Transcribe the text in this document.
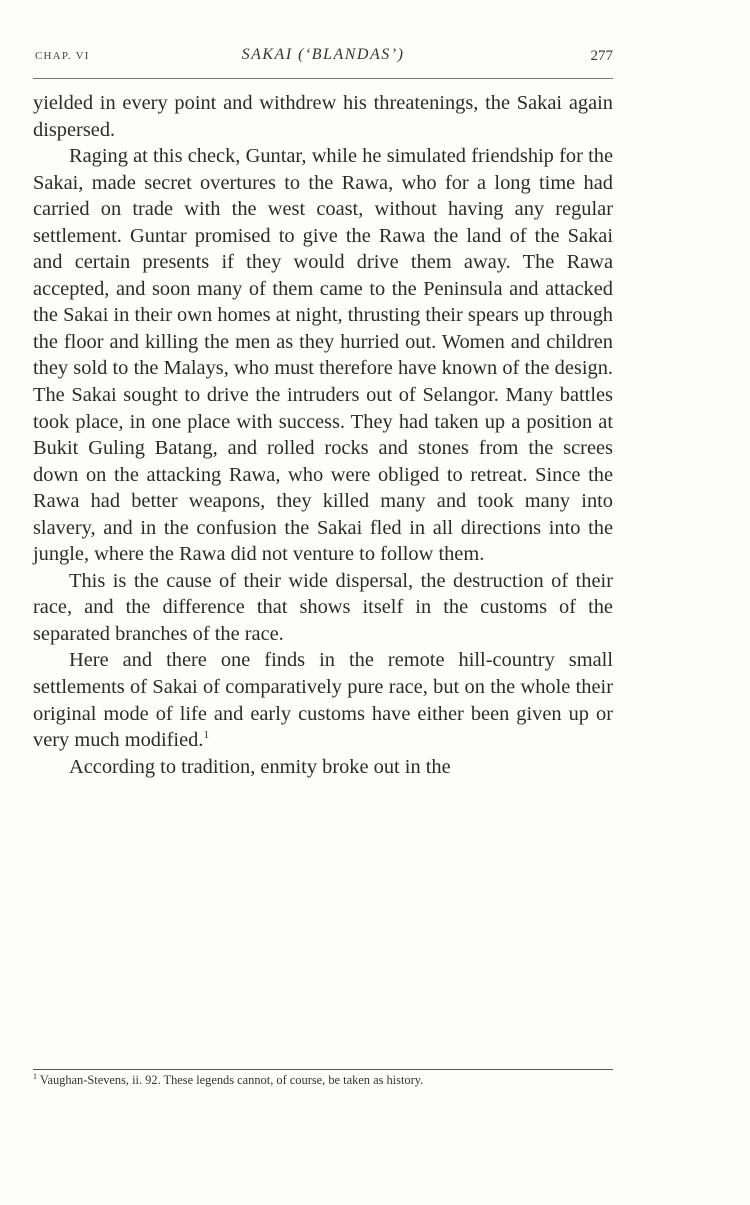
CHAP. VI	SAKAI (‘BLANDAS’)	277

yielded in every point and withdrew his threatenings, the Sakai again dispersed.

Raging at this check, Guntar, while he simulated friendship for the Sakai, made secret overtures to the Rawa, who for a long time had carried on trade with the west coast, without having any regular settlement. Guntar promised to give the Rawa the land of the Sakai and certain presents if they would drive them away. The Rawa accepted, and soon many of them came to the Peninsula and attacked the Sakai in their own homes at night, thrusting their spears up through the floor and killing the men as they hurried out. Women and children they sold to the Malays, who must therefore have known of the design. The Sakai sought to drive the intruders out of Selangor. Many battles took place, in one place with success. They had taken up a position at Bukit Guling Batang, and rolled rocks and stones from the screes down on the attacking Rawa, who were obliged to retreat. Since the Rawa had better weapons, they killed many and took many into slavery, and in the confusion the Sakai fled in all directions into the jungle, where the Rawa did not venture to follow them.

This is the cause of their wide dispersal, the destruction of their race, and the difference that shows itself in the customs of the separated branches of the race.

Here and there one finds in the remote hill-country small settlements of Sakai of comparatively pure race, but on the whole their original mode of life and early customs have either been given up or very much modified.$^1$

According to tradition, enmity broke out in the

$^1$ Vaughan-Stevens, ii. 92. These legends cannot, of course, be taken as history.
